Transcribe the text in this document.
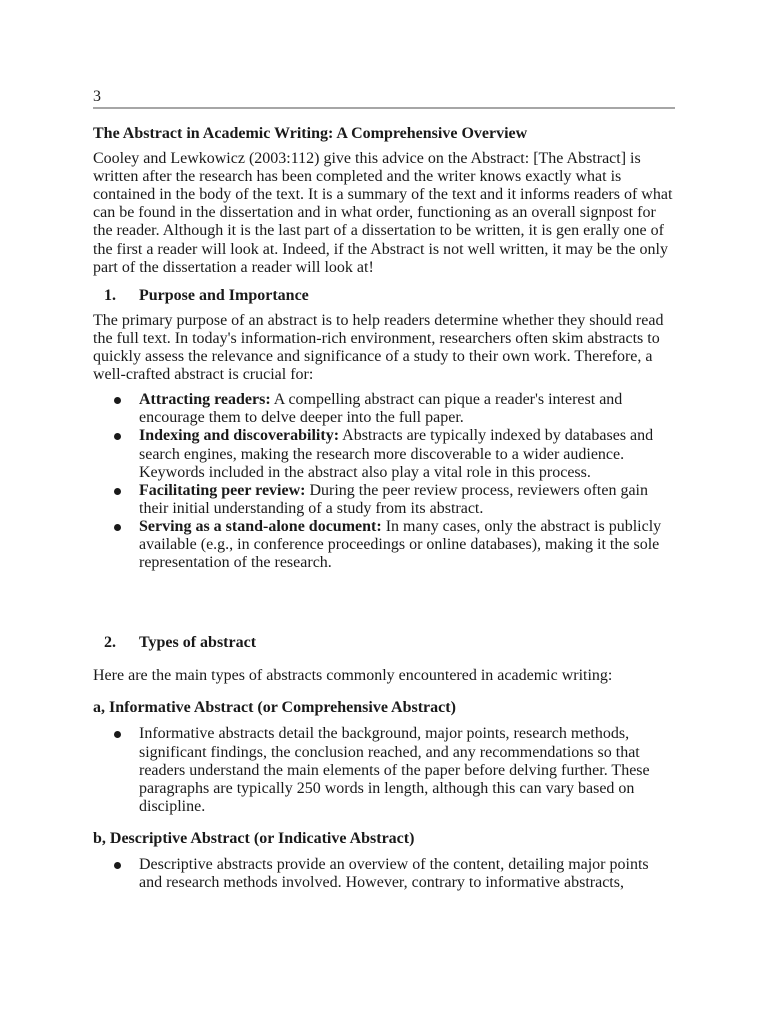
3

The Abstract in Academic Writing: A Comprehensive Overview

Cooley and Lewkowicz (2003:112) give this advice on the Abstract: [The Abstract] is written after the research has been completed and the writer knows exactly what is contained in the body of the text. It is a summary of the text and it informs readers of what can be found in the dissertation and in what order, functioning as an overall signpost for the reader. Although it is the last part of a dissertation to be written, it is gen erally one of the first a reader will look at. Indeed, if the Abstract is not well written, it may be the only part of the dissertation a reader will look at!

1.	Purpose and Importance

The primary purpose of an abstract is to help readers determine whether they should read the full text. In today's information-rich environment, researchers often skim abstracts to quickly assess the relevance and significance of a study to their own work. Therefore, a well-crafted abstract is crucial for:

Attracting readers: A compelling abstract can pique a reader's interest and encourage them to delve deeper into the full paper.
Indexing and discoverability: Abstracts are typically indexed by databases and search engines, making the research more discoverable to a wider audience. Keywords included in the abstract also play a vital role in this process.
Facilitating peer review: During the peer review process, reviewers often gain their initial understanding of a study from its abstract.
Serving as a stand-alone document: In many cases, only the abstract is publicly available (e.g., in conference proceedings or online databases), making it the sole representation of the research.
2.	Types of abstract

Here are the main types of abstracts commonly encountered in academic writing:

a, Informative Abstract (or Comprehensive Abstract)

Informative abstracts detail the background, major points, research methods, significant findings, the conclusion reached, and any recommendations so that readers understand the main elements of the paper before delving further. These paragraphs are typically 250 words in length, although this can vary based on discipline.

b, Descriptive Abstract (or Indicative Abstract)

Descriptive abstracts provide an overview of the content, detailing major points and research methods involved. However, contrary to informative abstracts,
